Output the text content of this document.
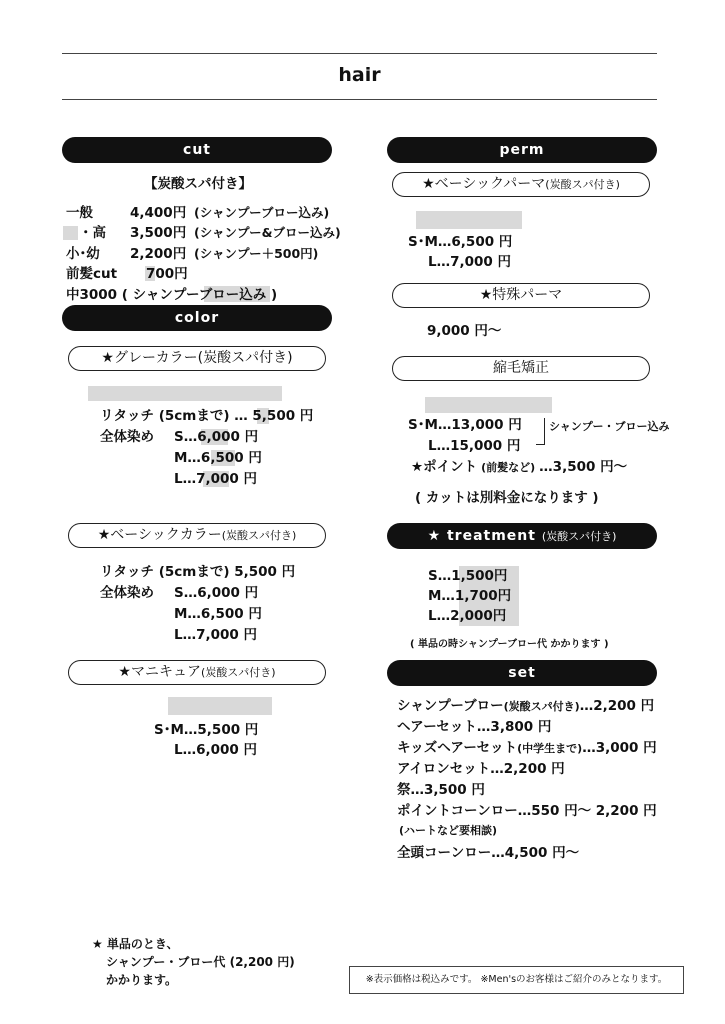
hair
cut
【炭酸スパ付き】
一般	4,400円 (シャンプーブロー込み)
・高 3,500円 (シャンプー&ブロー込み)
小･幼 2,200円 (シャンプー＋500円)
前髪cut 700円
中3000 ( シャンプーブロー込み )
color
★グレーカラー(炭酸スパ付き)
リタッチ (5cmまで) … 5,500 円
全体染め S…6,000 円
M…6,500 円
L…7,000 円
★ベーシックカラー(炭酸スパ付き)
リタッチ (5cmまで) 5,500 円
全体染め S…6,000 円
M…6,500 円
L…7,000 円
★マニキュア(炭酸スパ付き)
S･M…5,500 円
L…6,000 円
perm
★ベーシックパーマ(炭酸スパ付き)
S･M…6,500 円
L…7,000 円
★特殊パーマ
9,000 円〜
縮毛矯正
S･M…13,000 円
L…15,000 円
シャンプー・ブロー込み
★ポイント (前髪など) …3,500 円〜
( カットは別料金になります )
★ treatment (炭酸スパ付き)
S…1,500円
M…1,700円
L…2,000円
( 単品の時シャンプーブロー代 かかります )
set
シャンプーブロー(炭酸スパ付き)…2,200 円
ヘアーセット…3,800 円
キッズヘアーセット(中学生まで)…3,000 円
アイロンセット…2,200 円
祭…3,500 円
ポイントコーンロー…550 円〜 2,200 円
(ハートなど要相談)
全頭コーンロー…4,500 円〜
★ 単品のとき、
シャンプー・ブロー代 (2,200 円)
かかります。	※表示価格は税込みです。 ※Men'sのお客様はご紹介のみとなります。
